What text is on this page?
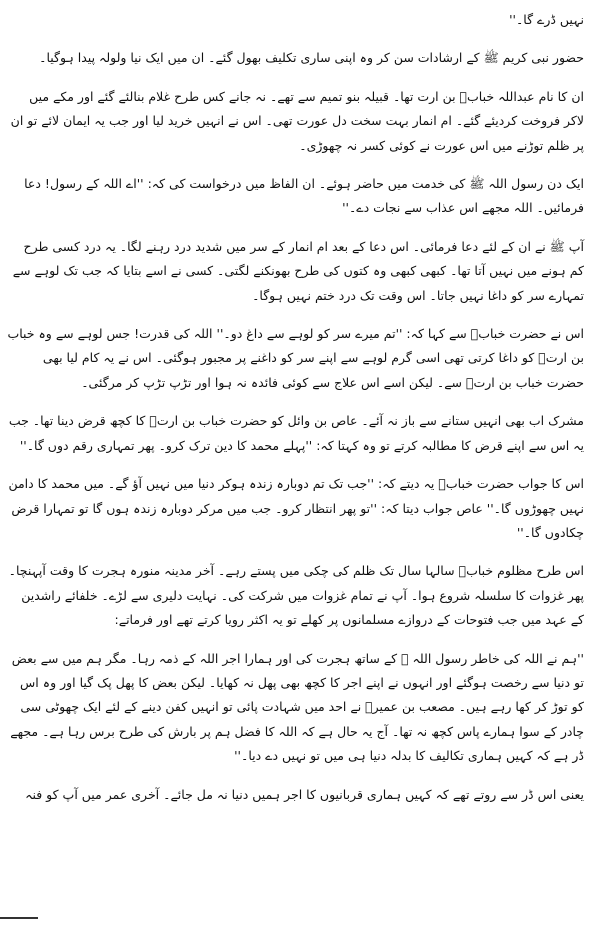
نہیں ڈرے گا۔''

حضور نبی کریم ﷺ کے ارشادات سن کر وہ اپنی ساری تکلیف بھول گئے۔ ان میں ایک نیا ولولہ پیدا ہوگیا۔

ان کا نام عبداللہ خبابؓ بن ارت تھا۔ قبیلہ بنو تمیم سے تھے۔ نہ جانے کس طرح غلام بنالئے گئے اور مکے میں لاکر فروخت کردیئے گئے۔ ام انمار بہت سخت دل عورت تھی۔ اس نے انہیں خرید لیا اور جب یہ ایمان لائے تو ان پر ظلم توڑنے میں اس عورت نے کوئی کسر نہ چھوڑی۔

ایک دن رسول اللہ ﷺ کی خدمت میں حاضر ہوئے۔ ان الفاظ میں درخواست کی کہ: ''اے اللہ کے رسول! دعا فرمائیں۔ اللہ مجھے اس عذاب سے نجات دے۔''

آپ ﷺ نے ان کے لئے دعا فرمائی۔ اس دعا کے بعد ام انمار کے سر میں شدید درد رہنے لگا۔ یہ درد کسی طرح کم ہونے میں نہیں آتا تھا۔ کبھی کبھی وہ کتوں کی طرح بھونکنے لگتی۔ کسی نے اسے بتایا کہ جب تک لوہے سے تمہارے سر کو داغا نہیں جاتا۔ اس وقت تک درد ختم نہیں ہوگا۔

اس نے حضرت خبابؓ سے کہا کہ: ''تم میرے سر کو لوہے سے داغ دو۔'' اللہ کی قدرت! جس لوہے سے وہ خباب بن ارتؓ کو داغا کرتی تھی اسی گرم لوہے سے اپنے سر کو داغنے پر مجبور ہوگئی۔ اس نے یہ کام لیا بھی حضرت خباب بن ارتؓ سے۔ لیکن اسے اس علاج سے کوئی فائدہ نہ ہوا اور تڑپ تڑپ کر مرگئی۔

مشرک اب بھی انہیں ستانے سے باز نہ آئے۔ عاص بن وائل کو حضرت خباب بن ارتؓ کا کچھ قرض دینا تھا۔ جب یہ اس سے اپنے قرض کا مطالبہ کرتے تو وہ کہتا کہ: ''پہلے محمد کا دین ترک کرو۔ پھر تمہاری رقم دوں گا۔''

اس کا جواب حضرت خبابؓ یہ دیتے کہ: ''جب تک تم دوبارہ زندہ ہوکر دنیا میں نہیں آؤ گے۔ میں محمد کا دامن نہیں چھوڑوں گا۔'' عاص جواب دیتا کہ: ''تو پھر انتظار کرو۔ جب میں مرکر دوبارہ زندہ ہوں گا تو تمہارا قرض چکادوں گا۔''

اس طرح مظلوم خبابؓ سالہا سال تک ظلم کی چکی میں پستے رہے۔ آخر مدینہ منورہ ہجرت کا وقت آپہنچا۔ پھر غزوات کا سلسلہ شروع ہوا۔ آپ نے تمام غزوات میں شرکت کی۔ نہایت دلیری سے لڑے۔ خلفائے راشدین کے عہد میں جب فتوحات کے دروازے مسلمانوں پر کھلے تو یہ اکثر رویا کرتے تھے اور فرماتے:

''ہم نے اللہ کی خاطر رسول اللہ ﷺ کے ساتھ ہجرت کی اور ہمارا اجر اللہ کے ذمہ رہا۔ مگر ہم میں سے بعض تو دنیا سے رخصت ہوگئے اور انہوں نے اپنے اجر کا کچھ بھی پھل نہ کھایا۔ لیکن بعض کا پھل پک گیا اور وہ اس کو توڑ کر کھا رہے ہیں۔ مصعب بن عمیرؓ نے احد میں شہادت پائی تو انہیں کفن دینے کے لئے ایک چھوٹی سی چادر کے سوا ہمارے پاس کچھ نہ تھا۔ آج یہ حال ہے کہ اللہ کا فضل ہم پر بارش کی طرح برس رہا ہے۔ مجھے ڈر ہے کہ کہیں ہماری تکالیف کا بدلہ دنیا ہی میں تو نہیں دے دیا۔''

یعنی اس ڈر سے روتے تھے کہ کہیں ہماری قربانیوں کا اجر ہمیں دنیا نہ مل جائے۔ آخری عمر میں آپ کو فنہ
